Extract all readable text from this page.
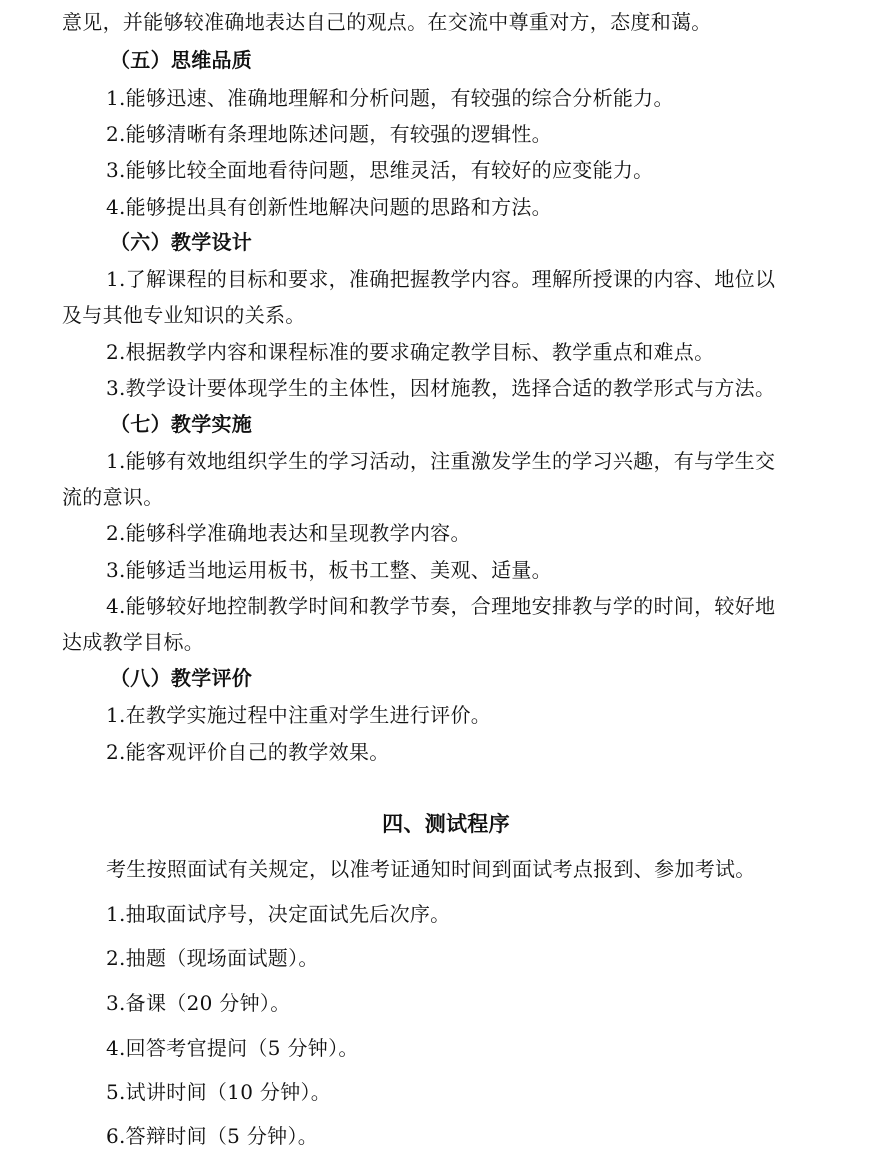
意见，并能够较准确地表达自己的观点。在交流中尊重对方，态度和蔼。
（五）思维品质
1.能够迅速、准确地理解和分析问题，有较强的综合分析能力。
2.能够清晰有条理地陈述问题，有较强的逻辑性。
3.能够比较全面地看待问题，思维灵活，有较好的应变能力。
4.能够提出具有创新性地解决问题的思路和方法。
（六）教学设计
1.了解课程的目标和要求，准确把握教学内容。理解所授课的内容、地位以
及与其他专业知识的关系。
2.根据教学内容和课程标准的要求确定教学目标、教学重点和难点。
3.教学设计要体现学生的主体性，因材施教，选择合适的教学形式与方法。
（七）教学实施
1.能够有效地组织学生的学习活动，注重激发学生的学习兴趣，有与学生交
流的意识。
2.能够科学准确地表达和呈现教学内容。
3.能够适当地运用板书，板书工整、美观、适量。
4.能够较好地控制教学时间和教学节奏，合理地安排教与学的时间，较好地
达成教学目标。
（八）教学评价
1.在教学实施过程中注重对学生进行评价。
2.能客观评价自己的教学效果。
四、测试程序
考生按照面试有关规定，以准考证通知时间到面试考点报到、参加考试。
1.抽取面试序号，决定面试先后次序。
2.抽题（现场面试题）。
3.备课（20 分钟）。
4.回答考官提问（5 分钟）。
5.试讲时间（10 分钟）。
6.答辩时间（5 分钟）。
